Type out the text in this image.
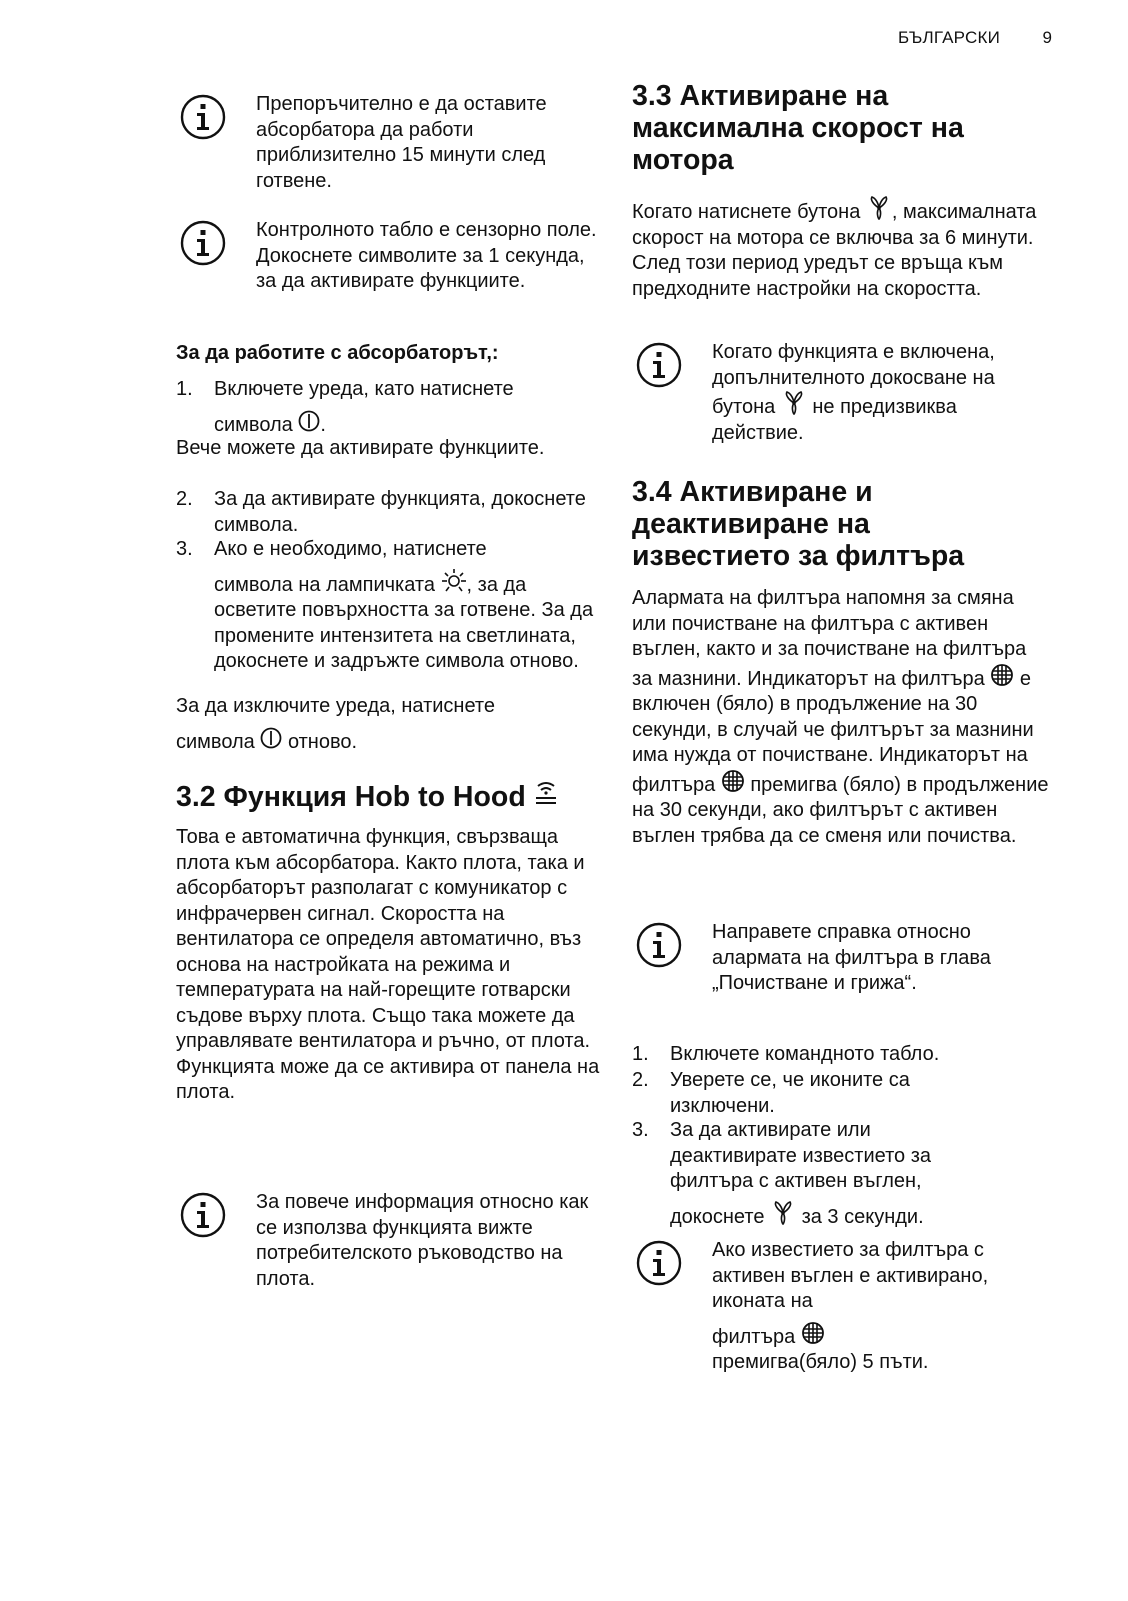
БЪЛГАРСКИ	9
Препоръчително е да оставите абсорбатора да работи приблизително 15 минути след готвене.
Контролното табло е сензорно поле. Докоснете символите за 1 секунда, за да активирате функциите.
За да работите с абсорбаторът,:
1. Включете уреда, като натиснете
символа .
Вече можете да активирате функциите.
2. За да активирате функцията, докоснете символа.
3. Ако е необходимо, натиснете
символа на лампичката , за да осветите повърхността за готвене. За да промените интензитета на светлината, докоснете и задръжте символа отново.
За да изключите уреда, натиснете
символа отново.
3.2 Функция Hob to Hood
Това е автоматична функция, свързваща плота към абсорбатора. Както плота, така и абсорбаторът разполагат с комуникатор с инфрачервен сигнал. Скоростта на вентилатора се определя автоматично, въз основа на настройката на режима и температурата на най-горещите готварски съдове върху плота. Също така можете да управлявате вентилатора и ръчно, от плота. Функцията може да се активира от панела на плота.
За повече информация относно как се използва функцията вижте потребителското ръководство на плота.
3.3 Активиране на максимална скорост на мотора
Когато натиснете бутона , максималната скорост на мотора се включва за 6 минути. След този период уредът се връща към предходните настройки на скоростта.
Когато функцията е включена, допълнителното докосване на бутона не предизвиква действие.
3.4 Активиране и деактивиране на известието за филтъра
Алармата на филтъра напомня за смяна или почистване на филтъра с активен въглен, както и за почистване на филтъра за мазнини. Индикаторът на филтъра е включен (бяло) в продължение на 30 секунди, в случай че филтърът за мазнини има нужда от почистване. Индикаторът на филтъра премигва (бяло) в продължение на 30 секунди, ако филтърът с активен въглен трябва да се сменя или почиства.
Направете справка относно алармата на филтъра в глава „Почистване и грижа“.
1. Включете командното табло.
2. Уверете се, че иконите са изключени.
3. За да активирате или деактивирате известието за филтъра с активен въглен,
докоснете за 3 секунди.
Ако известието за филтъра с активен въглен е активирано, иконата на
филтъра
премигва(бяло) 5 пъти.
